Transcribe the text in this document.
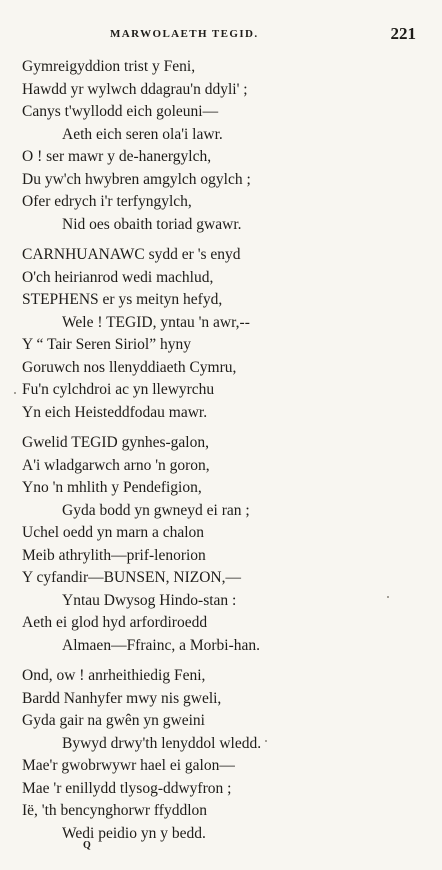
MARWOLAETH TEGID.	221
Gymreigyddion trist y Feni,
Hawdd yr wylwch ddagrau'n ddyli' ;
Canys t'wyllodd eich goleuni—
Aeth eich seren ola'i lawr.
O ! ser mawr y de-hanergylch,
Du yw'ch hwybren amgylch ogylch ;
Ofer edrych i'r terfyngylch,
Nid oes obaith toriad gwawr.
CARNHUANAWC sydd er 's enyd
O'ch heirianrod wedi machlud,
STEPHENS er ys meityn hefyd,
Wele ! TEGID, yntau 'n awr,--
Y “ Tair Seren Siriol” hyny
Goruwch nos llenyddiaeth Cymru,
Fu'n cylchdroi ac yn llewyrchu
Yn eich Heisteddfodau mawr.
Gwelid TEGID gynhes-galon,
A'i wladgarwch arno 'n goron,
Yno 'n mhlith y Pendefigion,
Gyda bodd yn gwneyd ei ran ;
Uchel oedd yn marn a chalon
Meib athrylith—prif-lenorion
Y cyfandir—BUNSEN, NIZON,—
Yntau Dwysog Hindo-stan :
Aeth ei glod hyd arfordiroedd
Almaen—Ffrainc, a Morbi-han.
Ond, ow ! anrheithiedig Feni,
Bardd Nanhyfer mwy nis gweli,
Gyda gair na gwên yn gweini
Bywyd drwy'th lenyddol wledd.
Mae'r gwobrwywr hael ei galon—
Mae 'r enillydd tlysog-ddwyfron ;
Ië, 'th bencynghorwr ffyddlon
Wedi peidio yn y bedd.
Q
